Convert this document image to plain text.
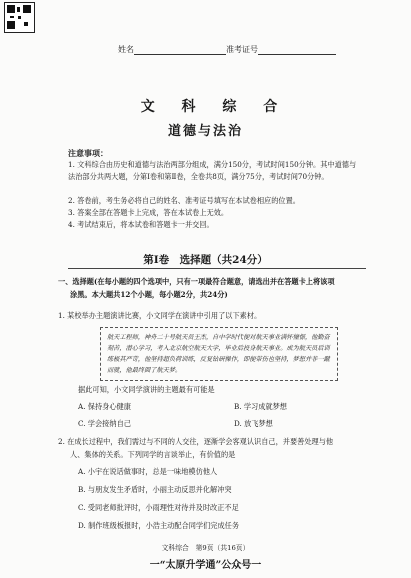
姓名	准考证号
文 科 综 合
道德与法治
注意事项：
1. 文科综合由历史和道德与法治两部分组成，满分150分，考试时间150分钟。其中道德与法治部分共两大题，分第Ⅰ卷和第Ⅱ卷，全卷共8页，满分75分，考试时间70分钟。
2. 答卷前，考生务必将自己的姓名、准考证号填写在本试卷相应的位置。
3. 答案全部在答题卡上完成，答在本试卷上无效。
4. 考试结束后，将本试卷和答题卡一并交回。
第Ⅰ卷　选择题（共24分）
一、选择题(在每小题的四个选项中，只有一项最符合题意，请选出并在答题卡上将该项
涂黑。本大题共12个小题，每小题2分，共24分)
1. 某校举办主题演讲比赛，小文同学在演讲中引用了以下素材。
航天工程师，神舟二十号航天员王杰，自中学时代便对航天事业满怀憧憬，他勤奋刻苦，潜心学习，考入北京航空航天大学，毕业后投身航天事业。成为航天员后训练极其严苛，他坚持超负荷训练，反复钻研操作，即便带伤也坚持，梦想并非一蹴而就，他最终圆了航天梦。
据此可知，小文同学演讲的主题最有可能是
A. 保持身心健康	B. 学习成就梦想
C. 学会接纳自己	D. 放飞梦想
2. 在成长过程中，我们需过与不同的人交往，逐渐学会客观认识自己，并要善处理与他
人、集体的关系。下列同学的言谈举止，有价值的是
A. 小宇在说话做事时，总是一味地模仿他人
B. 与朋友发生矛盾时，小丽主动反思并化解冲突
C. 受同老师批评时，小雨理性对待并及时改正不足
D. 制作班级板报时，小浩主动配合同学们完成任务
文科综合　第9页（共16页）
一“太原升学通”公众号一
